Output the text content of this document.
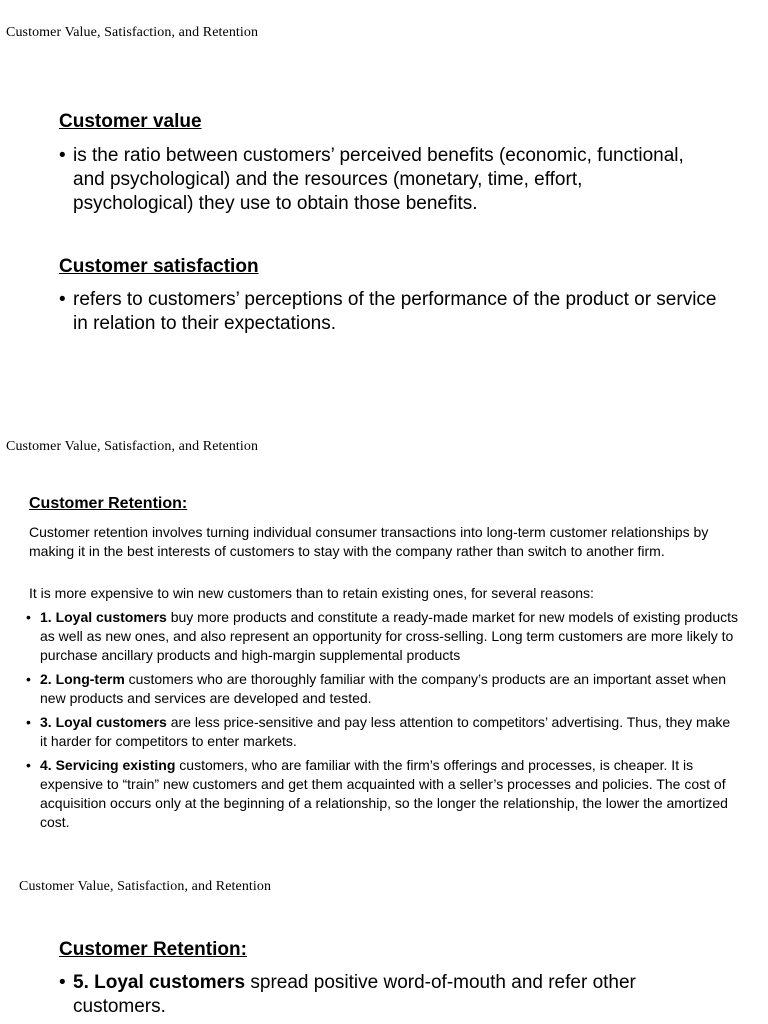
Customer Value, Satisfaction, and Retention
Customer value
• is the ratio between customers’ perceived benefits (economic, functional, and psychological) and the resources (monetary, time, effort, psychological) they use to obtain those benefits.
Customer satisfaction
• refers to customers’ perceptions of the performance of the product or service in relation to their expectations.
Customer Value, Satisfaction, and Retention
Customer Retention:

Customer retention involves turning individual consumer transactions into long-term customer relationships by making it in the best interests of customers to stay with the company rather than switch to another firm.

It is more expensive to win new customers than to retain existing ones, for several reasons:

• 1. Loyal customers buy more products and constitute a ready-made market for new models of existing products as well as new ones, and also represent an opportunity for cross-selling. Long term customers are more likely to purchase ancillary products and high-margin supplemental products
• 2. Long-term customers who are thoroughly familiar with the company’s products are an important asset when new products and services are developed and tested.
• 3. Loyal customers are less price-sensitive and pay less attention to competitors’ advertising. Thus, they make it harder for competitors to enter markets.
• 4. Servicing existing customers, who are familiar with the firm’s offerings and processes, is cheaper. It is expensive to “train” new customers and get them acquainted with a seller’s processes and policies. The cost of acquisition occurs only at the beginning of a relationship, so the longer the relationship, the lower the amortized cost.
Customer Value, Satisfaction, and Retention
Customer Retention:
• 5. Loyal customers spread positive word-of-mouth and refer other customers.
